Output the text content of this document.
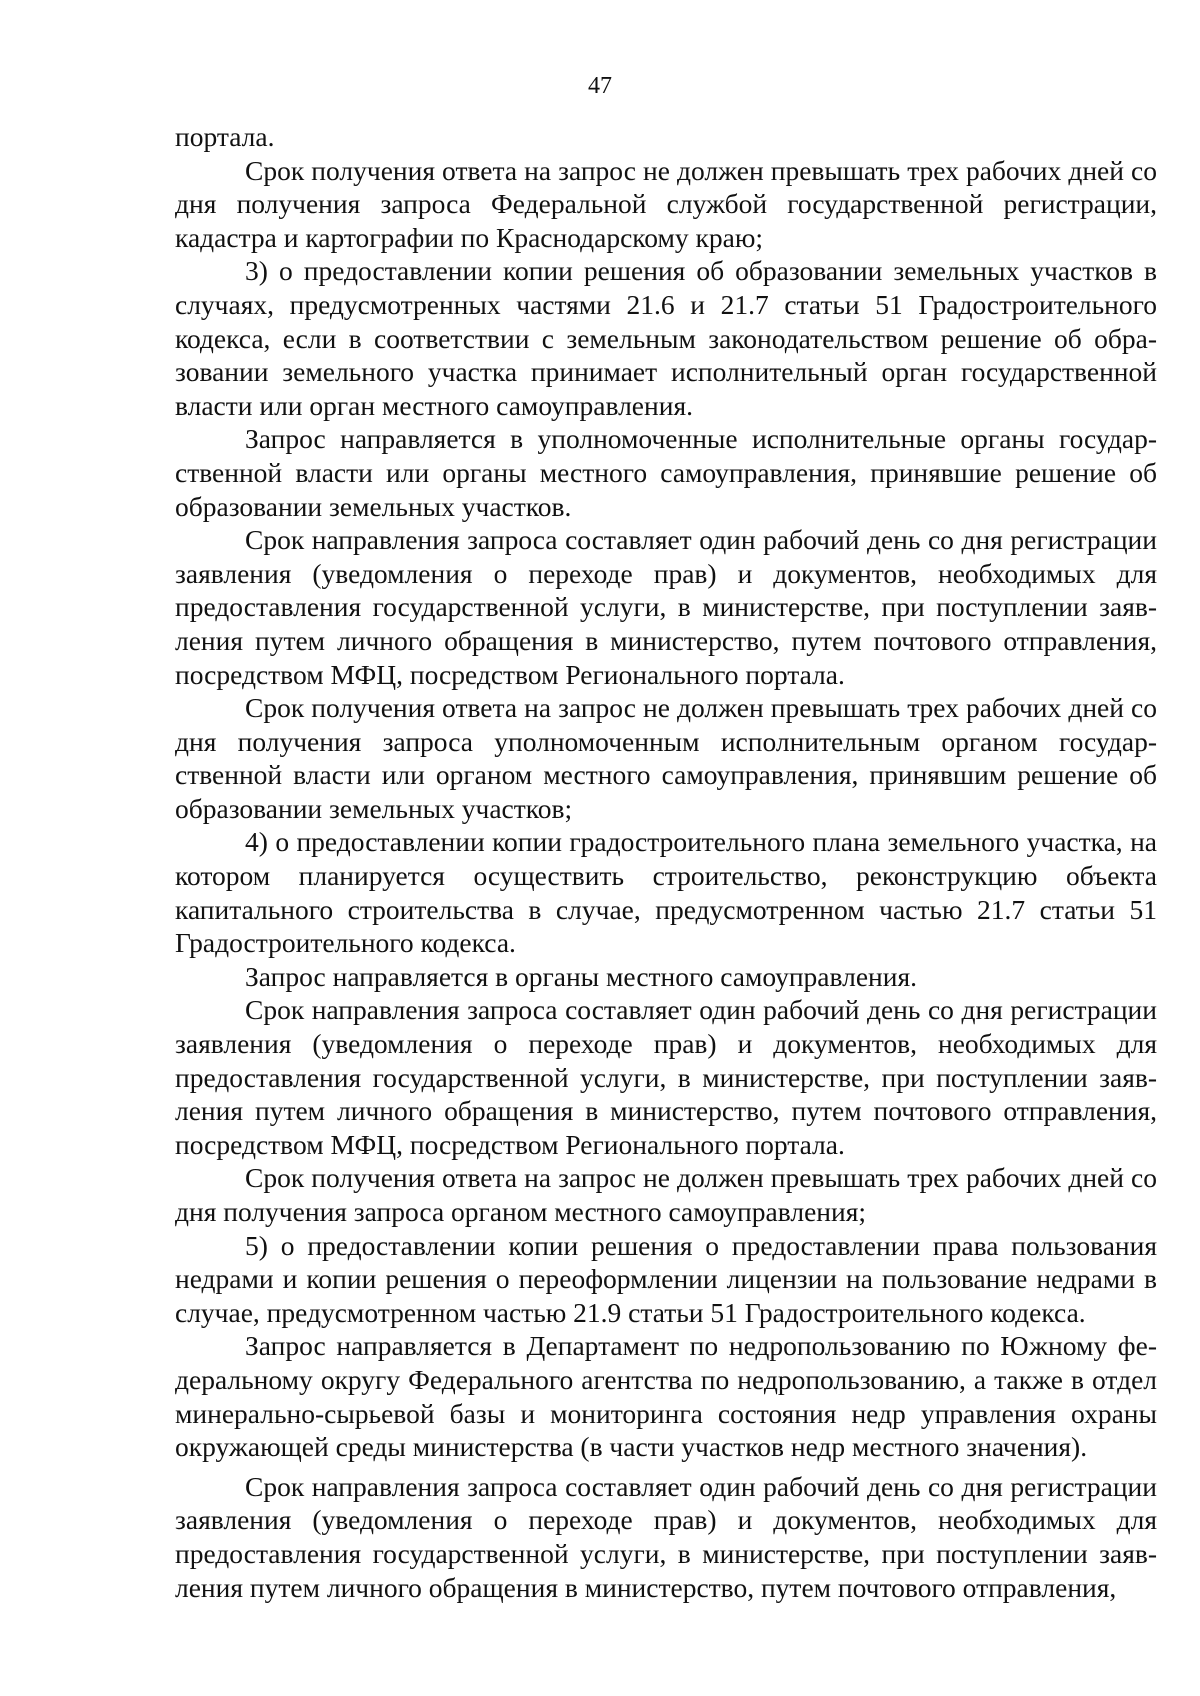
47

портала.

Срок получения ответа на запрос не должен превышать трех рабочих дней со дня получения запроса Федеральной службой государственной регистрации, кадастра и картографии по Краснодарскому краю;

3) о предоставлении копии решения об образовании земельных участков в случаях, предусмотренных частями 21.6 и 21.7 статьи 51 Градостроительного кодекса, если в соответствии с земельным законодательством решение об образовании земельного участка принимает исполнительный орган государственной власти или орган местного самоуправления.

Запрос направляется в уполномоченные исполнительные органы государственной власти или органы местного самоуправления, принявшие решение об образовании земельных участков.

Срок направления запроса составляет один рабочий день со дня регистрации заявления (уведомления о переходе прав) и документов, необходимых для предоставления государственной услуги, в министерстве, при поступлении заявления путем личного обращения в министерство, путем почтового отправления, посредством МФЦ, посредством Регионального портала.

Срок получения ответа на запрос не должен превышать трех рабочих дней со дня получения запроса уполномоченным исполнительным органом государственной власти или органом местного самоуправления, принявшим решение об образовании земельных участков;

4) о предоставлении копии градостроительного плана земельного участка, на котором планируется осуществить строительство, реконструкцию объекта капитального строительства в случае, предусмотренном частью 21.7 статьи 51 Градостроительного кодекса.

Запрос направляется в органы местного самоуправления.

Срок направления запроса составляет один рабочий день со дня регистрации заявления (уведомления о переходе прав) и документов, необходимых для предоставления государственной услуги, в министерстве, при поступлении заявления путем личного обращения в министерство, путем почтового отправления, посредством МФЦ, посредством Регионального портала.

Срок получения ответа на запрос не должен превышать трех рабочих дней со дня получения запроса органом местного самоуправления;

5) о предоставлении копии решения о предоставлении права пользования недрами и копии решения о переоформлении лицензии на пользование недрами в случае, предусмотренном частью 21.9 статьи 51 Градостроительного кодекса.

Запрос направляется в Департамент по недропользованию по Южному федеральному округу Федерального агентства по недропользованию, а также в отдел минерально-сырьевой базы и мониторинга состояния недр управления охраны окружающей среды министерства (в части участков недр местного значения).

Срок направления запроса составляет один рабочий день со дня регистрации заявления (уведомления о переходе прав) и документов, необходимых для предоставления государственной услуги, в министерстве, при поступлении заявления путем личного обращения в министерство, путем почтового отправления,
